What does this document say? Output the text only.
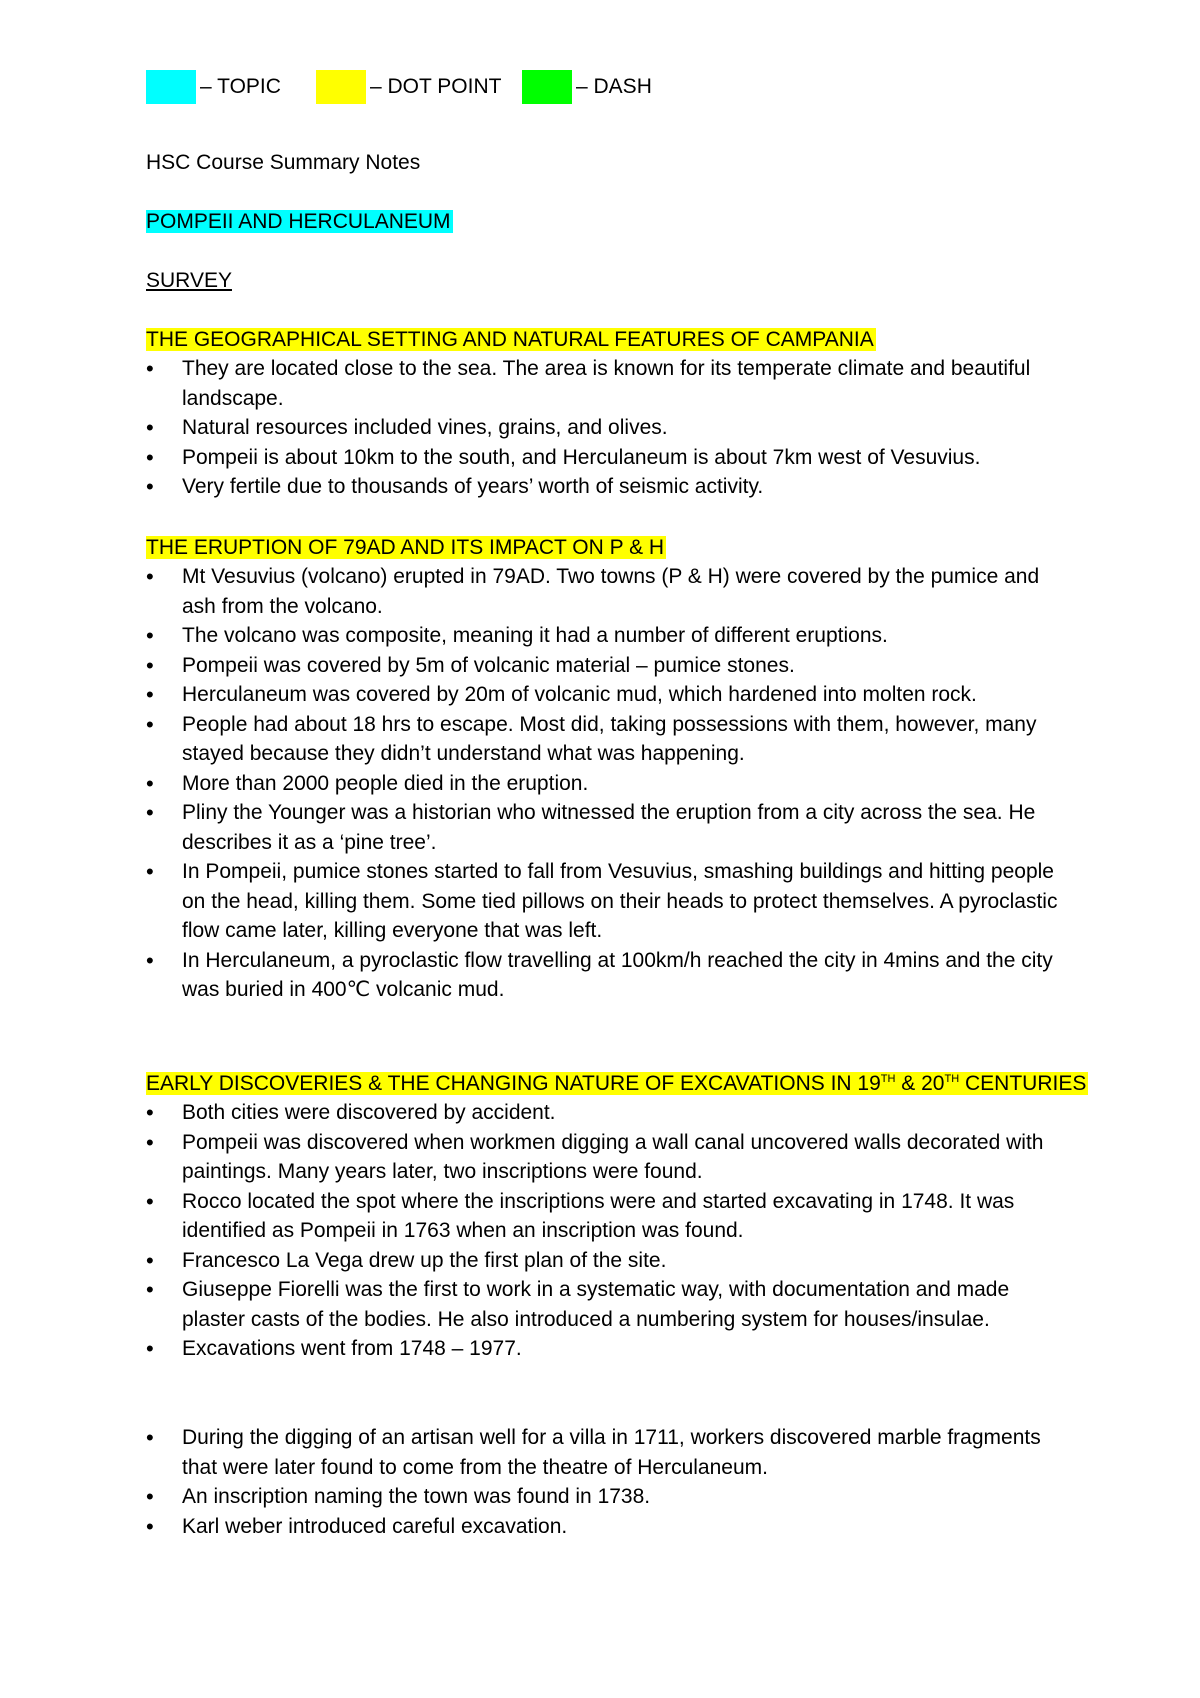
– TOPIC	– DOT POINT	– DASH
HSC Course Summary Notes
POMPEII AND HERCULANEUM
SURVEY
THE GEOGRAPHICAL SETTING AND NATURAL FEATURES OF CAMPANIA
• They are located close to the sea. The area is known for its temperate climate and beautiful landscape.
• Natural resources included vines, grains, and olives.
• Pompeii is about 10km to the south, and Herculaneum is about 7km west of Vesuvius.
• Very fertile due to thousands of years’ worth of seismic activity.
THE ERUPTION OF 79AD AND ITS IMPACT ON P & H
• Mt Vesuvius (volcano) erupted in 79AD. Two towns (P & H) were covered by the pumice and ash from the volcano.
• The volcano was composite, meaning it had a number of different eruptions.
• Pompeii was covered by 5m of volcanic material – pumice stones.
• Herculaneum was covered by 20m of volcanic mud, which hardened into molten rock.
• People had about 18 hrs to escape. Most did, taking possessions with them, however, many stayed because they didn’t understand what was happening.
• More than 2000 people died in the eruption.
• Pliny the Younger was a historian who witnessed the eruption from a city across the sea. He describes it as a ‘pine tree’.
• In Pompeii, pumice stones started to fall from Vesuvius, smashing buildings and hitting people on the head, killing them. Some tied pillows on their heads to protect themselves. A pyroclastic flow came later, killing everyone that was left.
• In Herculaneum, a pyroclastic flow travelling at 100km/h reached the city in 4mins and the city was buried in 400℃ volcanic mud.
EARLY DISCOVERIES & THE CHANGING NATURE OF EXCAVATIONS IN 19TH & 20TH CENTURIES
• Both cities were discovered by accident.
• Pompeii was discovered when workmen digging a wall canal uncovered walls decorated with paintings. Many years later, two inscriptions were found.
• Rocco located the spot where the inscriptions were and started excavating in 1748. It was identified as Pompeii in 1763 when an inscription was found.
• Francesco La Vega drew up the first plan of the site.
• Giuseppe Fiorelli was the first to work in a systematic way, with documentation and made plaster casts of the bodies. He also introduced a numbering system for houses/insulae.
• Excavations went from 1748 – 1977.
• During the digging of an artisan well for a villa in 1711, workers discovered marble fragments that were later found to come from the theatre of Herculaneum.
• An inscription naming the town was found in 1738.
• Karl weber introduced careful excavation.
